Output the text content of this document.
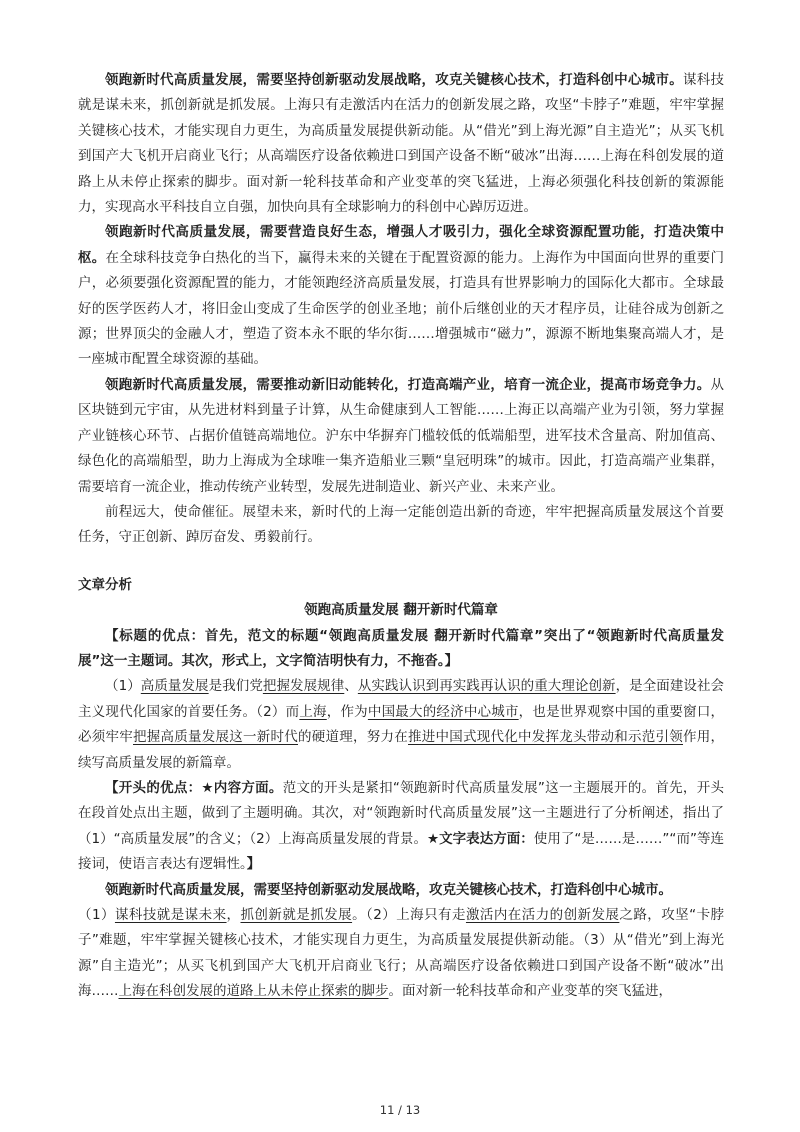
领跑新时代高质量发展，需要坚持创新驱动发展战略，攻克关键核心技术，打造科创中心城市。谋科技就是谋未来，抓创新就是抓发展。上海只有走激活内在活力的创新发展之路，攻坚“卡脖子”难题，牢牢掌握关键核心技术，才能实现自力更生，为高质量发展提供新动能。从“借光”到上海光源”自主造光”；从买飞机到国产大飞机开启商业飞行；从高端医疗设备依赖进口到国产设备不断“破冰”出海……上海在科创发展的道路上从未停止探索的脚步。面对新一轮科技革命和产业变革的突飞猛进，上海必须强化科技创新的策源能力，实现高水平科技自立自强，加快向具有全球影响力的科创中心踔厉迈进。

领跑新时代高质量发展，需要营造良好生态，增强人才吸引力，强化全球资源配置功能，打造决策中枢。在全球科技竞争白热化的当下，赢得未来的关键在于配置资源的能力。上海作为中国面向世界的重要门户，必须要强化资源配置的能力，才能领跑经济高质量发展，打造具有世界影响力的国际化大都市。全球最好的医学医药人才，将旧金山变成了生命医学的创业圣地；前仆后继创业的天才程序员，让硅谷成为创新之源；世界顶尖的金融人才，塑造了资本永不眠的华尔街……增强城市“磁力”，源源不断地集聚高端人才，是一座城市配置全球资源的基础。

领跑新时代高质量发展，需要推动新旧动能转化，打造高端产业，培育一流企业，提高市场竞争力。从区块链到元宇宙，从先进材料到量子计算，从生命健康到人工智能……上海正以高端产业为引领，努力掌握产业链核心环节、占据价值链高端地位。沪东中华摒弃门槛较低的低端船型，进军技术含量高、附加值高、绿色化的高端船型，助力上海成为全球唯一集齐造船业三颗“皇冠明珠”的城市。因此，打造高端产业集群，需要培育一流企业，推动传统产业转型，发展先进制造业、新兴产业、未来产业。

前程远大，使命催征。展望未来，新时代的上海一定能创造出新的奇迹，牢牢把握高质量发展这个首要任务，守正创新、踔厉奋发、勇毅前行。

文章分析
领跑高质量发展 翻开新时代篇章

【标题的优点：首先，范文的标题“领跑高质量发展 翻开新时代篇章”突出了“领跑新时代高质量发展”这一主题词。其次，形式上，文字简洁明快有力，不拖沓。】

（1）高质量发展是我们党把握发展规律、从实践认识到再实践再认识的重大理论创新，是全面建设社会主义现代化国家的首要任务。（2）而上海，作为中国最大的经济中心城市，也是世界观察中国的重要窗口，必须牢牢把握高质量发展这一新时代的硬道理，努力在推进中国式现代化中发挥龙头带动和示范引领作用，续写高质量发展的新篇章。

【开头的优点：★内容方面。范文的开头是紧扣“领跑新时代高质量发展”这一主题展开的。首先，开头在段首处点出主题，做到了主题明确。其次，对“领跑新时代高质量发展”这一主题进行了分析阐述，指出了（1）“高质量发展”的含义；（2）上海高质量发展的背景。★文字表达方面：使用了“是……是……”“而”等连接词，使语言表达有逻辑性。】

领跑新时代高质量发展，需要坚持创新驱动发展战略，攻克关键核心技术，打造科创中心城市。

（1）谋科技就是谋未来，抓创新就是抓发展。（2）上海只有走激活内在活力的创新发展之路，攻坚“卡脖子”难题，牢牢掌握关键核心技术，才能实现自力更生，为高质量发展提供新动能。（3）从“借光”到上海光源”自主造光”；从买飞机到国产大飞机开启商业飞行；从高端医疗设备依赖进口到国产设备不断“破冰”出海……上海在科创发展的道路上从未停止探索的脚步。面对新一轮科技革命和产业变革的突飞猛进，

11 / 13
